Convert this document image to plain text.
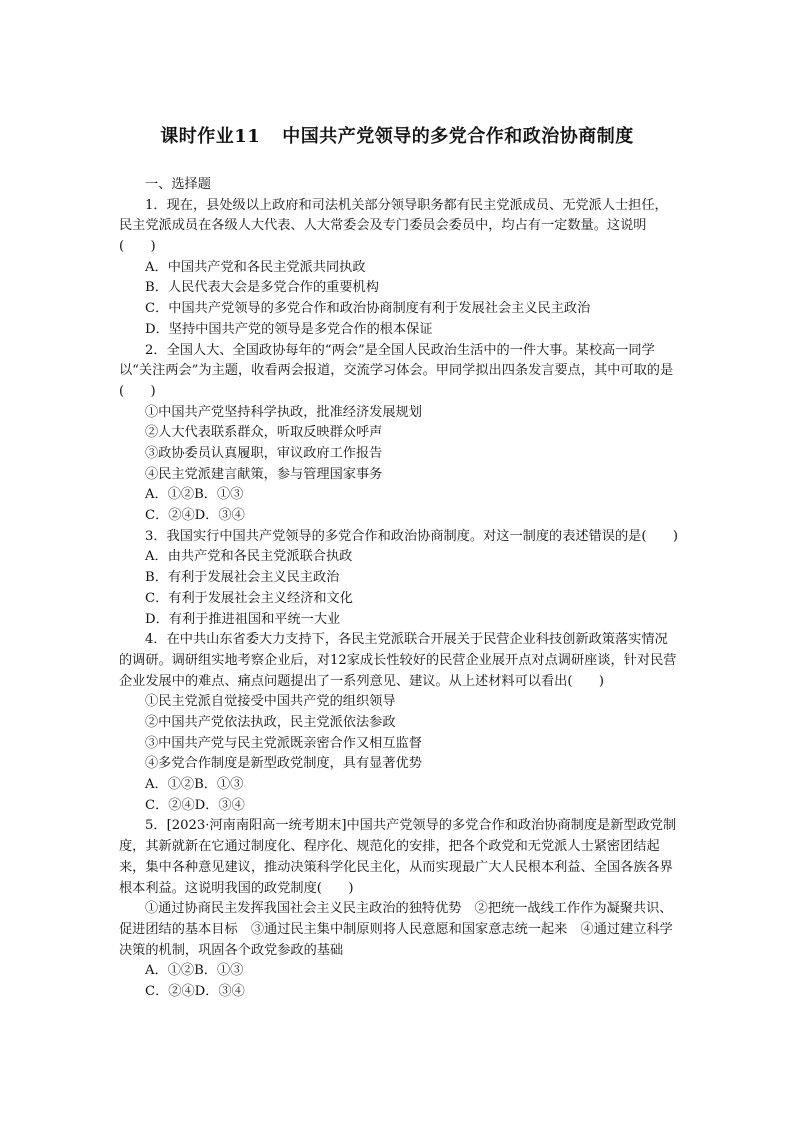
课时作业11 中国共产党领导的多党合作和政治协商制度
一、选择题
1．现在，县处级以上政府和司法机关部分领导职务都有民主党派成员、无党派人士担任，民主党派成员在各级人大代表、人大常委会及专门委员会委员中，均占有一定数量。这说明(　　)
A．中国共产党和各民主党派共同执政
B．人民代表大会是多党合作的重要机构
C．中国共产党领导的多党合作和政治协商制度有利于发展社会主义民主政治
D．坚持中国共产党的领导是多党合作的根本保证
2．全国人大、全国政协每年的“两会”是全国人民政治生活中的一件大事。某校高一同学以“关注两会”为主题，收看两会报道，交流学习体会。甲同学拟出四条发言要点，其中可取的是(　　)
①中国共产党坚持科学执政，批准经济发展规划
②人大代表联系群众，听取反映群众呼声
③政协委员认真履职，审议政府工作报告
④民主党派建言献策，参与管理国家事务
A．①②B．①③
C．②④D．③④
3．我国实行中国共产党领导的多党合作和政治协商制度。对这一制度的表述错误的是(　　)
A．由共产党和各民主党派联合执政
B．有利于发展社会主义民主政治
C．有利于发展社会主义经济和文化
D．有利于推进祖国和平统一大业
4．在中共山东省委大力支持下，各民主党派联合开展关于民营企业科技创新政策落实情况的调研。调研组实地考察企业后，对12家成长性较好的民营企业展开点对点调研座谈，针对民营企业发展中的难点、痛点问题提出了一系列意见、建议。从上述材料可以看出(　　)
①民主党派自觉接受中国共产党的组织领导
②中国共产党依法执政，民主党派依法参政
③中国共产党与民主党派既亲密合作又相互监督
④多党合作制度是新型政党制度，具有显著优势
A．①②B．①③
C．②④D．③④
5．[2023·河南南阳高一统考期末]中国共产党领导的多党合作和政治协商制度是新型政党制度，其新就新在它通过制度化、程序化、规范化的安排，把各个政党和无党派人士紧密团结起来，集中各种意见建议，推动决策科学化民主化，从而实现最广大人民根本利益、全国各族各界根本利益。这说明我国的政党制度(　　)
①通过协商民主发挥我国社会主义民主政治的独特优势　②把统一战线工作作为凝聚共识、促进团结的基本目标　③通过民主集中制原则将人民意愿和国家意志统一起来　④通过建立科学决策的机制，巩固各个政党参政的基础
A．①②B．①③
C．②④D．③④
